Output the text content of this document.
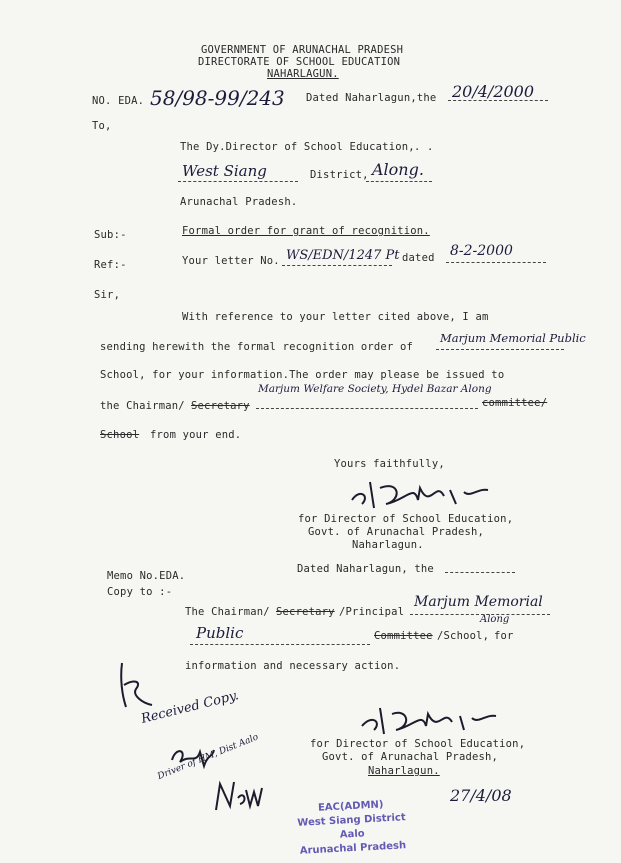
GOVERNMENT OF ARUNACHAL PRADESH
DIRECTORATE OF SCHOOL EDUCATION
NAHARLAGUN.
NO. EDA. 58/98-99/243 Dated Naharlagun,the 20/4/2000
To,
The Dy.Director of School Education, . .
West Siang	District, Along.
Arunachal Pradesh.
Sub:-	Formal order for grant of recognition.
Ref:-	Your letter No. WS/EDN/1247 Pt dated 8-2-2000
Sir,
With reference to your letter cited above, I am
sending herewith the formal recognition order of
Marjum Memorial Public
School, for your information.The order may please be issued to
the Chairman/ Secretary
Marjum Welfare Society, Hydel Bazar Along
committee/
School from your end.
Yours faithfully,
for Director of School Education,
Govt. of Arunachal Pradesh,
Naharlagun.
Memo No.EDA.
Dated Naharlagun, the
Copy to :-
The Chairman/ Secretary /Principal
Marjum Memorial
Public	Committee /School,
Along
for
information and necessary action.
Received Copy.
for Director of School Education,
Govt. of Arunachal Pradesh,
Naharlagun.
Driver of HM, Dist Aalo
EAC(ADMN)
West Siang District Aalo
Arunachal Pradesh
27/4/08
